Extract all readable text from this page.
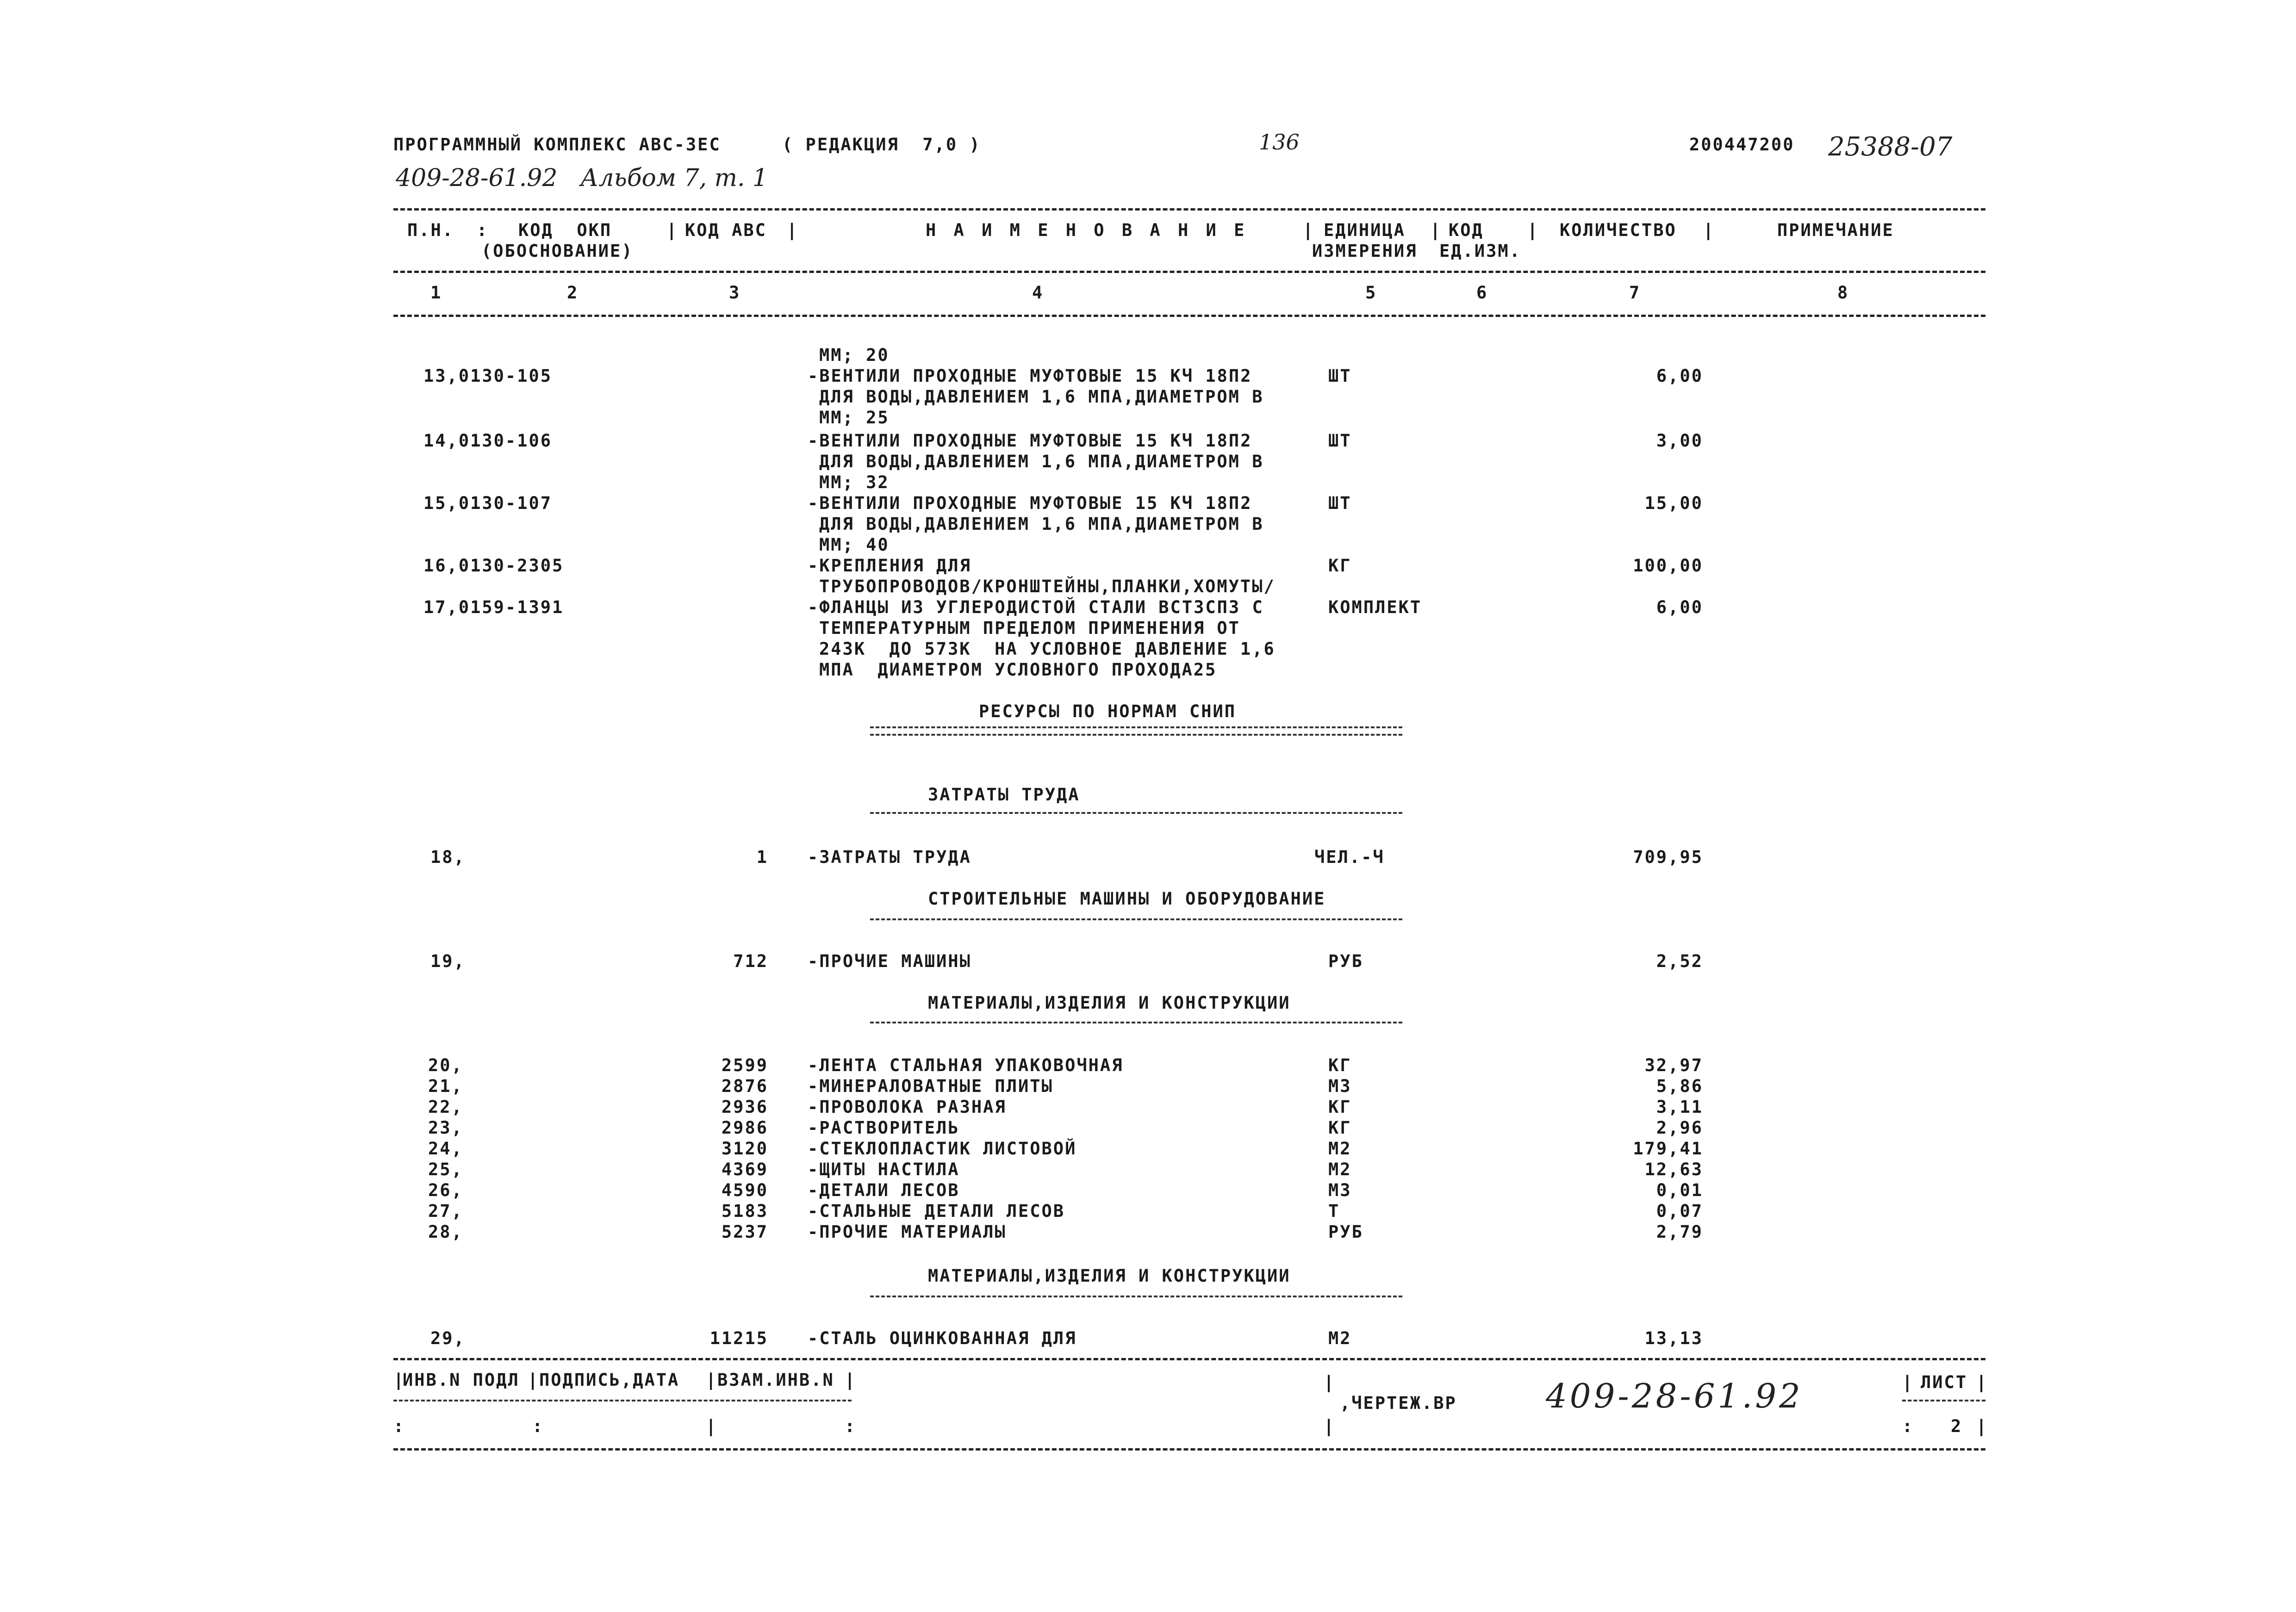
ПРОГРАММНЫЙ КОМПЛЕКС АВС-3ЕС	( РЕДАКЦИЯ  7,0 )	136	200447200 25388-07
409-28-61.92   Альбом 7, т. 1
П.Н. : КОД  ОКП
(ОБОСНОВАНИЕ)
| КОД АВС |	Н А И М Е Н О В А Н И Е	| ЕДИНИЦА
ИЗМЕРЕНИЯ
| КОД
ЕД.ИЗМ.
| КОЛИЧЕСТВО |	ПРИМЕЧАНИЕ
1	2	3	4	5	6	7	8
ММ; 20
13,0130-105	-ВЕНТИЛИ ПРОХОДНЫЕ МУФТОВЫЕ 15 КЧ 18П2
ДЛЯ ВОДЫ,ДАВЛЕНИЕМ 1,6 МПА,ДИАМЕТРОМ В
ММ; 25
ШТ	6,00
14,0130-106	-ВЕНТИЛИ ПРОХОДНЫЕ МУФТОВЫЕ 15 КЧ 18П2
ДЛЯ ВОДЫ,ДАВЛЕНИЕМ 1,6 МПА,ДИАМЕТРОМ В
ММ; 32
ШТ	3,00
15,0130-107	-ВЕНТИЛИ ПРОХОДНЫЕ МУФТОВЫЕ 15 КЧ 18П2
ДЛЯ ВОДЫ,ДАВЛЕНИЕМ 1,6 МПА,ДИАМЕТРОМ В
ММ; 40
ШТ	15,00
16,0130-2305	-КРЕПЛЕНИЯ ДЛЯ
ТРУБОПРОВОДОВ/КРОНШТЕЙНЫ,ПЛАНКИ,ХОМУТЫ/
КГ	100,00
17,0159-1391	-ФЛАНЦЫ ИЗ УГЛЕРОДИСТОЙ СТАЛИ ВСТ3СП3 С
ТЕМПЕРАТУРНЫМ ПРЕДЕЛОМ ПРИМЕНЕНИЯ ОТ
243К  ДО 573К  НА УСЛОВНОЕ ДАВЛЕНИЕ 1,6
МПА  ДИАМЕТРОМ УСЛОВНОГО ПРОХОДА25
КОМПЛЕКТ	6,00
РЕСУРСЫ ПО НОРМАМ СНИП
ЗАТРАТЫ ТРУДА
18,	1 -ЗАТРАТЫ ТРУДА	ЧЕЛ.-Ч	709,95
СТРОИТЕЛЬНЫЕ МАШИНЫ И ОБОРУДОВАНИЕ
19,	712 -ПРОЧИЕ МАШИНЫ	РУБ	2,52
МАТЕРИАЛЫ,ИЗДЕЛИЯ И КОНСТРУКЦИИ
20,	2599 -ЛЕНТА СТАЛЬНАЯ УПАКОВОЧНАЯ	КГ	32,97
21,	2876 -МИНЕРАЛОВАТНЫЕ ПЛИТЫ	М3	5,86
22,	2936 -ПРОВОЛОКА РАЗНАЯ	КГ	3,11
23,	2986 -РАСТВОРИТЕЛЬ	КГ	2,96
24,	3120 -СТЕКЛОПЛАСТИК ЛИСТОВОЙ	М2	179,41
25,	4369 -ЩИТЫ НАСТИЛА	М2	12,63
26,	4590 -ДЕТАЛИ ЛЕСОВ	М3	0,01
27,	5183 -СТАЛЬНЫЕ ДЕТАЛИ ЛЕСОВ	Т	0,07
28,	5237 -ПРОЧИЕ МАТЕРИАЛЫ	РУБ	2,79
МАТЕРИАЛЫ,ИЗДЕЛИЯ И КОНСТРУКЦИИ
29,	11215 -СТАЛЬ ОЦИНКОВАННАЯ ДЛЯ	М2	13,13
|
ИНВ.N ПОДЛ | ПОДПИСЬ,ДАТА | ВЗАМ.ИНВ.N |
:	:	|	:
|
|
,ЧЕРТЕЖ.ВР	409-28-61.92	| ЛИСТ |
: 2 |
